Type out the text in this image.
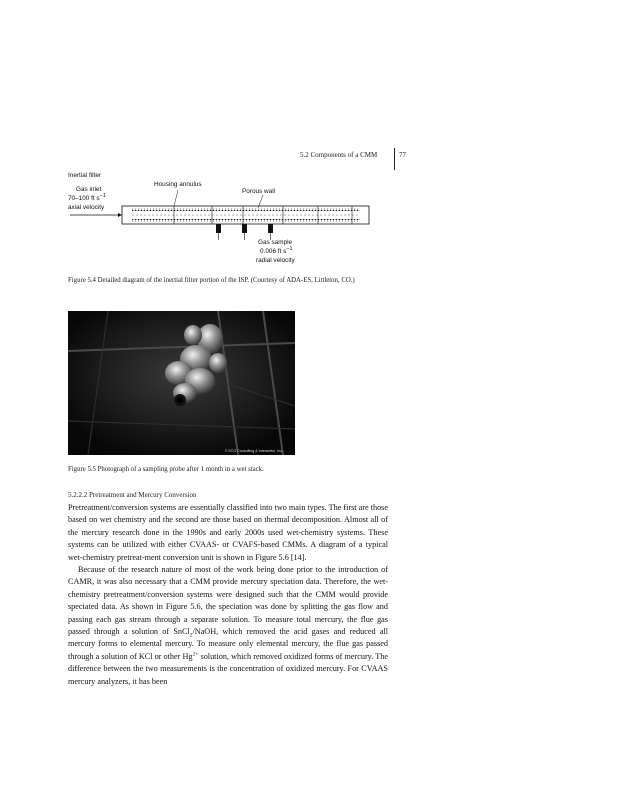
5.2 Components of a CMM	77
Inertial filter
Gas inlet
70–100 ft $s^{-1}$
axial velocity
Housing annulus
Porous wall
Gas sample
0.006 ft $s^{-1}$
radial velocity
Figure 5.4 Detailed diagram of the inertial filter portion of the ISP. (Courtesy of ADA-ES, Littleton, CO.)
© ECO Consulting & Interactive, Inc.
Figure 5.5 Photograph of a sampling probe after 1 month in a wet stack.
5.2.2.2 Pretreatment and Mercury Conversion

Pretreatment/conversion systems are essentially classified into two main types. The first are those based on wet chemistry and the second are those based on thermal decomposition. Almost all of the mercury research done in the 1990s and early 2000s used wet-chemistry systems. These systems can be utilized with either CVAAS- or CVAFS-based CMMs. A diagram of a typical wet-chemistry pretreat-ment conversion unit is shown in Figure 5.6 [14].

Because of the research nature of most of the work being done prior to the introduction of CAMR, it was also necessary that a CMM provide mercury speciation data. Therefore, the wet-chemistry pretreatment/conversion systems were designed such that the CMM would provide speciated data. As shown in Figure 5.6, the speciation was done by splitting the gas flow and passing each gas stream through a separate solution. To measure total mercury, the flue gas passed through a solution of SnCl$_2$/NaOH, which removed the acid gases and reduced all mercury forms to elemental mercury. To measure only elemental mercury, the flue gas passed through a solution of KCl or other $Hg^{2+}$ solution, which removed oxidized forms of mercury. The difference between the two measurements is the concentration of oxidized mercury. For CVAAS mercury analyzers, it has been
